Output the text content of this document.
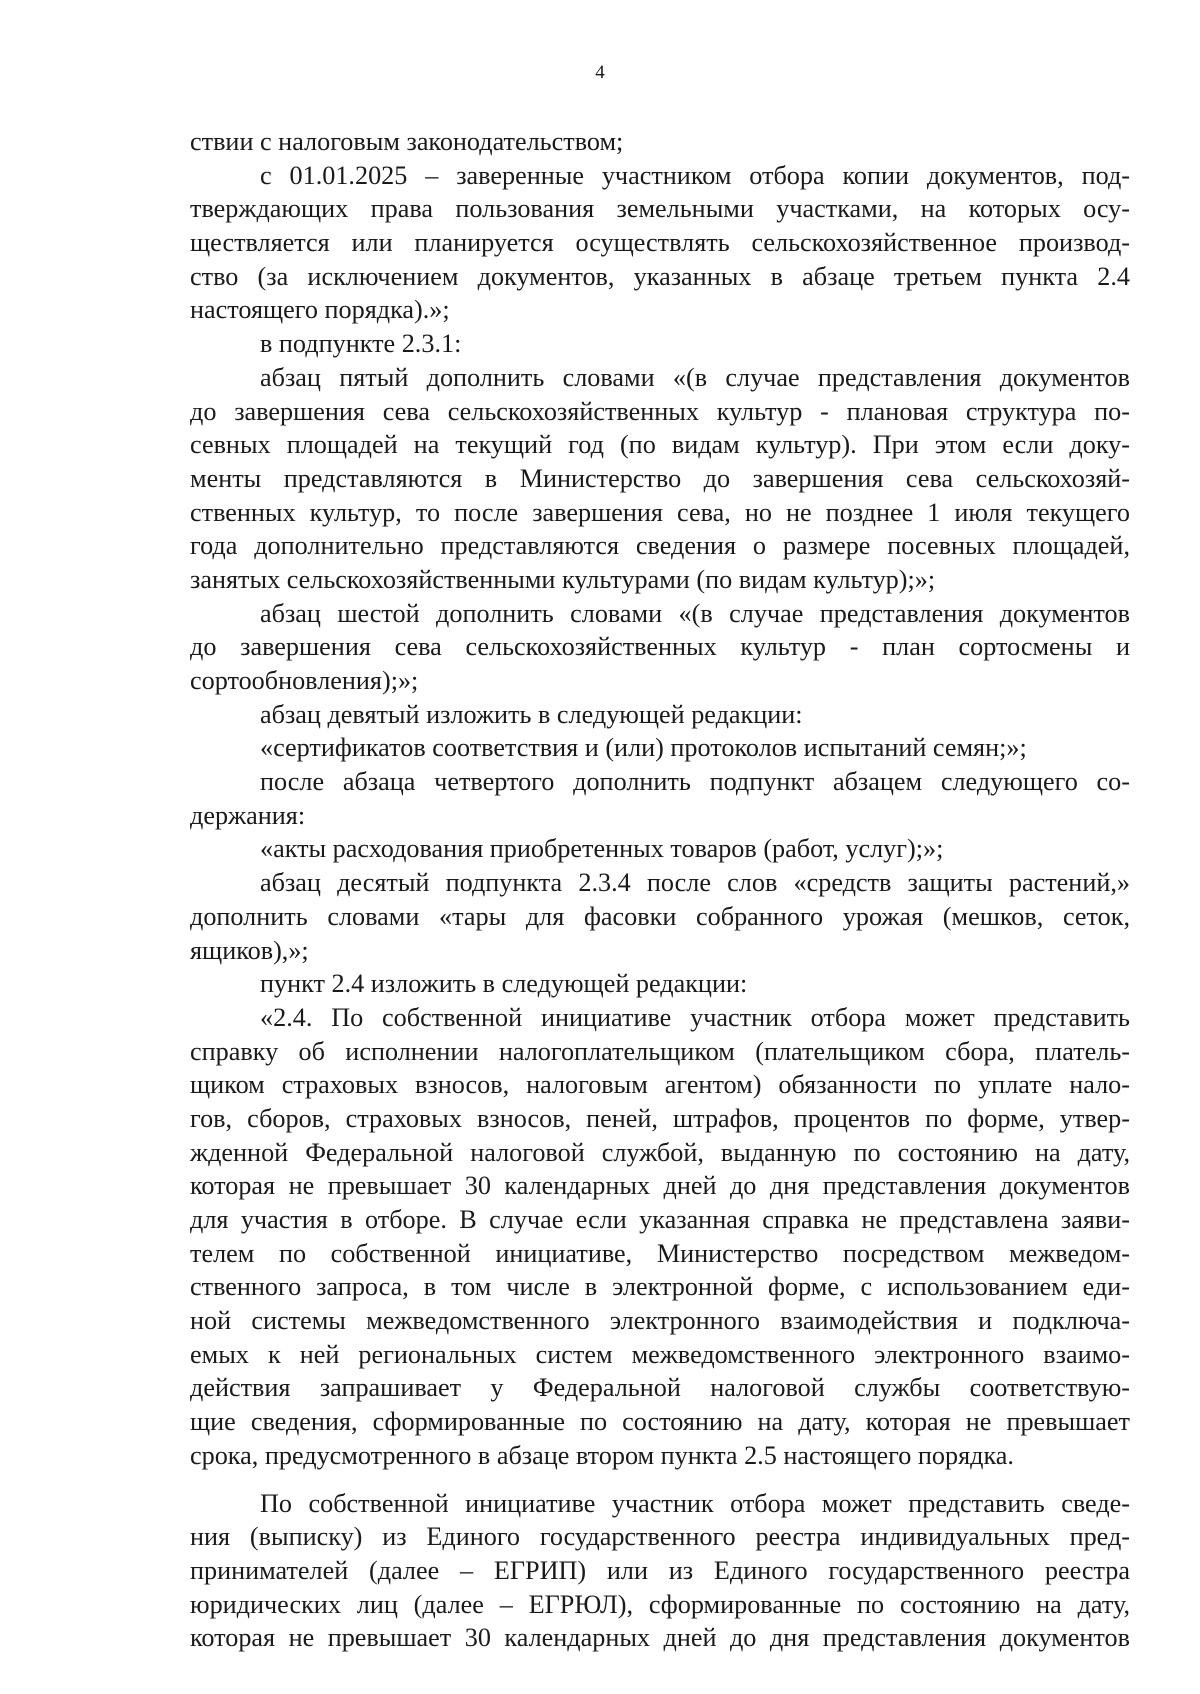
4
ствии с налоговым законодательством;
с 01.01.2025 – заверенные участником отбора копии документов, под-
тверждающих права пользования земельными участками, на которых осу-
ществляется или планируется осуществлять сельскохозяйственное производ-
ство (за исключением документов, указанных в абзаце третьем пункта 2.4
настоящего порядка).»;
в подпункте 2.3.1:
абзац пятый дополнить словами «(в случае представления документов
до завершения сева сельскохозяйственных культур - плановая структура по-
севных площадей на текущий год (по видам культур). При этом если доку-
менты представляются в Министерство до завершения сева сельскохозяй-
ственных культур, то после завершения сева, но не позднее 1 июля текущего
года дополнительно представляются сведения о размере посевных площадей,
занятых сельскохозяйственными культурами (по видам культур);»;
абзац шестой дополнить словами «(в случае представления документов
до завершения сева сельскохозяйственных культур - план сортосмены и
сортообновления);»;
абзац девятый изложить в следующей редакции:
«сертификатов соответствия и (или) протоколов испытаний семян;»;
после абзаца четвертого дополнить подпункт абзацем следующего со-
держания:
«акты расходования приобретенных товаров (работ, услуг);»;
абзац десятый подпункта 2.3.4 после слов «средств защиты растений,»
дополнить словами «тары для фасовки собранного урожая (мешков, сеток,
ящиков),»;
пункт 2.4 изложить в следующей редакции:
«2.4. По собственной инициативе участник отбора может представить
справку об исполнении налогоплательщиком (плательщиком сбора, платель-
щиком страховых взносов, налоговым агентом) обязанности по уплате нало-
гов, сборов, страховых взносов, пеней, штрафов, процентов по форме, утвер-
жденной Федеральной налоговой службой, выданную по состоянию на дату,
которая не превышает 30 календарных дней до дня представления документов
для участия в отборе. В случае если указанная справка не представлена заяви-
телем по собственной инициативе, Министерство посредством межведом-
ственного запроса, в том числе в электронной форме, с использованием еди-
ной системы межведомственного электронного взаимодействия и подключа-
емых к ней региональных систем межведомственного электронного взаимо-
действия запрашивает у Федеральной налоговой службы соответствую-
щие сведения, сформированные по состоянию на дату, которая не превышает
срока, предусмотренного в абзаце втором пункта 2.5 настоящего порядка.
По собственной инициативе участник отбора может представить сведе-
ния (выписку) из Единого государственного реестра индивидуальных пред-
принимателей (далее – ЕГРИП) или из Единого государственного реестра
юридических лиц (далее – ЕГРЮЛ), сформированные по состоянию на дату,
которая не превышает 30 календарных дней до дня представления документов
